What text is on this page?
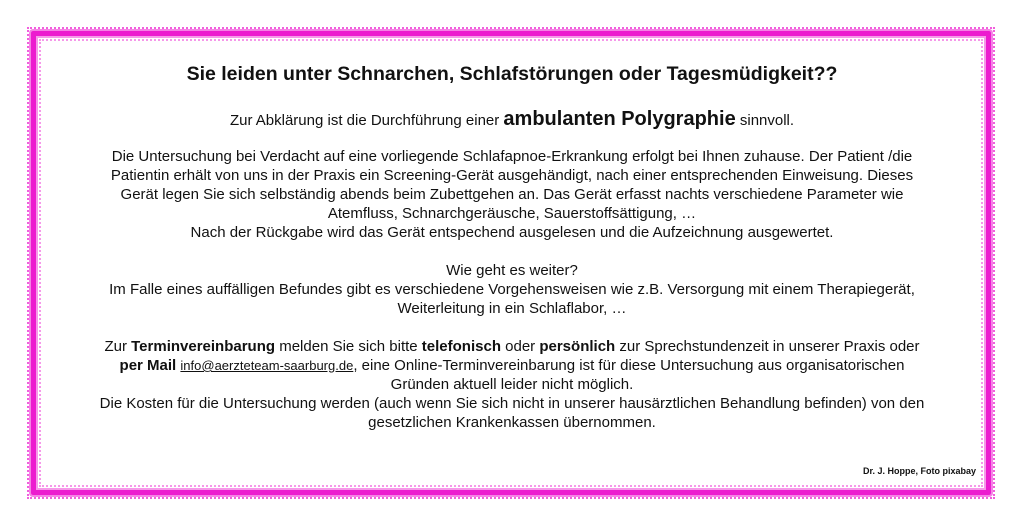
Sie leiden unter Schnarchen, Schlafstörungen oder Tagesmüdigkeit??

Zur Abklärung ist die Durchführung einer ambulanten Polygraphie sinnvoll.

Die Untersuchung bei Verdacht auf eine vorliegende Schlafapnoe-Erkrankung erfolgt bei Ihnen zuhause. Der Patient /die

Patientin erhält von uns in der Praxis ein Screening-Gerät ausgehändigt, nach einer entsprechenden Einweisung. Dieses

Gerät legen Sie sich selbständig abends beim Zubettgehen an. Das Gerät erfasst nachts verschiedene Parameter wie

Atemfluss, Schnarchgeräusche, Sauerstoffsättigung, …

Nach der Rückgabe wird das Gerät entspechend ausgelesen und die Aufzeichnung ausgewertet.

Wie geht es weiter?

Im Falle eines auffälligen Befundes gibt es verschiedene Vorgehensweisen wie z.B. Versorgung mit einem Therapiegerät,

Weiterleitung in ein Schlaflabor, …

Zur Terminvereinbarung melden Sie sich bitte telefonisch oder persönlich zur Sprechstundenzeit in unserer Praxis oder

per Mail info@aerzteteam-saarburg.de, eine Online-Terminvereinbarung ist für diese Untersuchung aus organisatorischen

Gründen aktuell leider nicht möglich.

Die Kosten für die Untersuchung werden (auch wenn Sie sich nicht in unserer hausärztlichen Behandlung befinden) von den

gesetzlichen Krankenkassen übernommen.

Dr. J. Hoppe, Foto pixabay
